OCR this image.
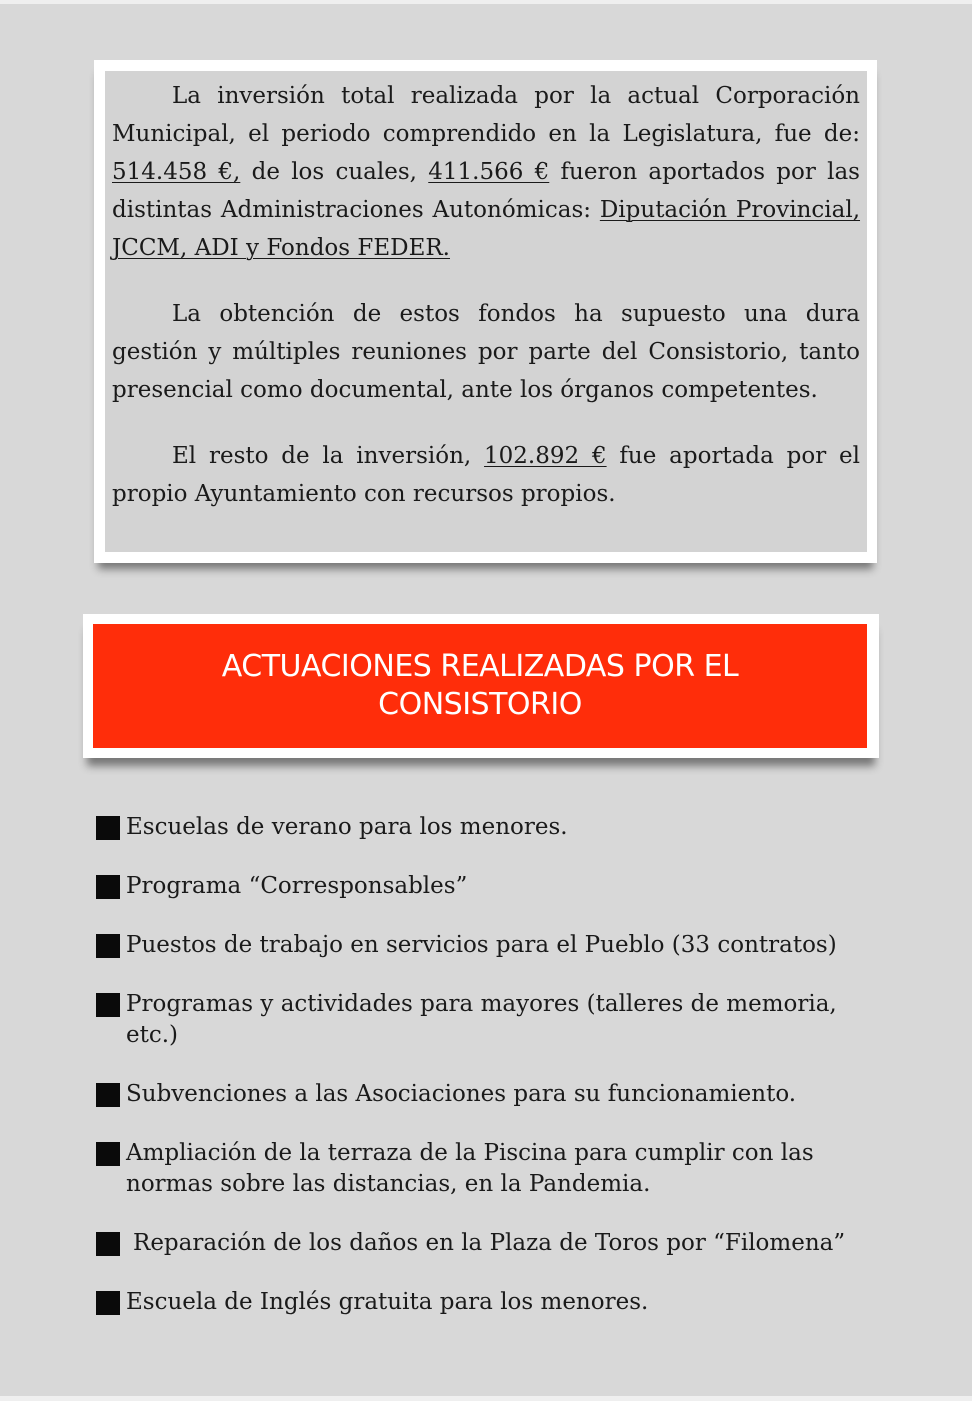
La inversión total realizada por la actual Corporación Municipal, el periodo comprendido en la Legislatura, fue de: 514.458 €, de los cuales, 411.566 € fueron aportados por las distintas Administraciones Autonómicas: Diputación Provincial, JCCM, ADI y Fondos FEDER.

La obtención de estos fondos ha supuesto una dura gestión y múltiples reuniones por parte del Consistorio, tanto presencial como documental, ante los órganos competentes.

El resto de la inversión, 102.892 € fue aportada por el propio Ayuntamiento con recursos propios.

ACTUACIONES REALIZADAS POR EL
CONSISTORIO
Escuelas de verano para los menores.
Programa “Corresponsables”
Puestos de trabajo en servicios para el Pueblo (33 contratos)
Programas y actividades para mayores (talleres de memoria, etc.)
Subvenciones a las Asociaciones para su funcionamiento.
Ampliación de la terraza de la Piscina para cumplir con las normas sobre las distancias, en la Pandemia.
Reparación de los daños en la Plaza de Toros por “Filomena”
Escuela de Inglés gratuita para los menores.
